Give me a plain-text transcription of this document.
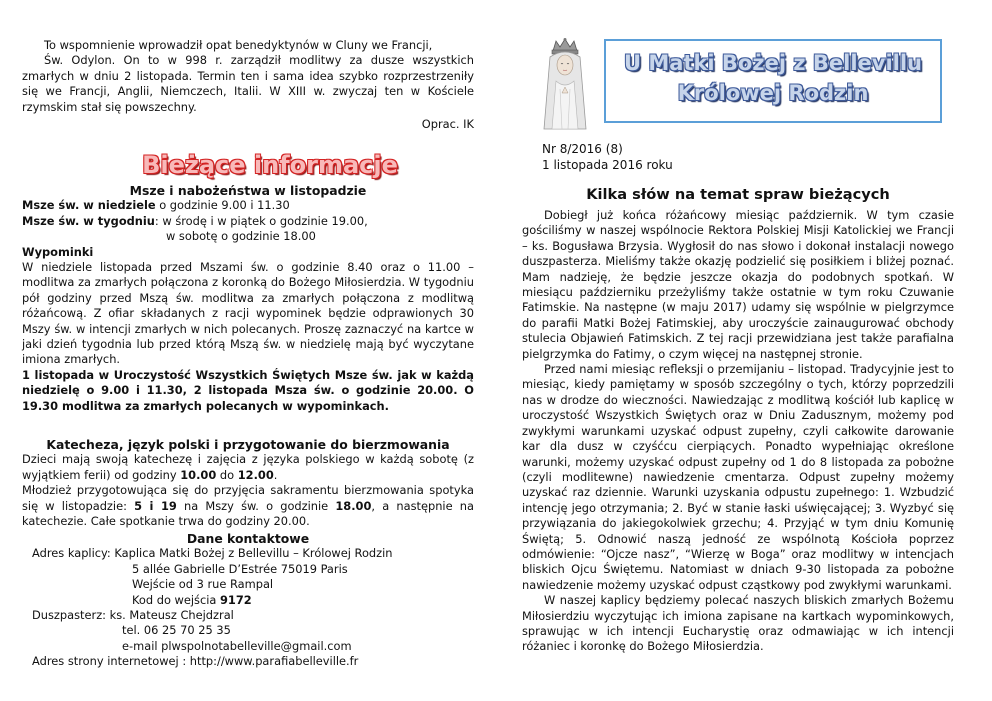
To wspomnienie wprowadził opat benedyktynów w Cluny we Francji,

Św. Odylon. On to w 998 r. zarządził modlitwy za dusze wszystkich zmarłych w dniu 2 listopada. Termin ten i sama idea szybko rozprzestrzeniły się we Francji, Anglii, Niemczech, Italii. W XIII w. zwyczaj ten w Kościele rzymskim stał się powszechny.

Oprac. IK

Bieżące informacje

Msze i nabożeństwa w listopadzie

Msze św. w niedziele o godzinie 9.00 i 11.30

Msze św. w tygodniu: w środę i w piątek o godzinie 19.00,

w sobotę o godzinie 18.00

Wypominki

W niedziele listopada przed Mszami św. o godzinie 8.40 oraz o 11.00 – modlitwa za zmarłych połączona z koronką do Bożego Miłosierdzia. W tygodniu pół godziny przed Mszą św. modlitwa za zmarłych połączona z modlitwą różańcową. Z ofiar składanych z racji wypominek będzie odprawionych 30 Mszy św. w intencji zmarłych w nich polecanych. Proszę zaznaczyć na kartce w jaki dzień tygodnia lub przed którą Mszą św. w niedzielę mają być wyczytane imiona zmarłych.

1 listopada w Uroczystość Wszystkich Świętych Msze św. jak w każdą niedzielę o 9.00 i 11.30, 2 listopada Msza św. o godzinie 20.00. O 19.30 modlitwa za zmarłych polecanych w wypominkach.

Katecheza, język polski i przygotowanie do bierzmowania

Dzieci mają swoją katechezę i zajęcia z języka polskiego w każdą sobotę (z wyjątkiem ferii) od godziny 10.00 do 12.00.

Młodzież przygotowująca się do przyjęcia sakramentu bierzmowania spotyka się w listopadzie: 5 i 19 na Mszy św. o godzinie 18.00, a następnie na katechezie. Całe spotkanie trwa do godziny 20.00.

Dane kontaktowe

Adres kaplicy: Kaplica Matki Bożej z Bellevillu – Królowej Rodzin

5 allée Gabrielle D’Estrée 75019 Paris

Wejście od 3 rue Rampal

Kod do wejścia 9172

Duszpasterz: ks. Mateusz Chejdzral

tel. 06 25 70 25 35

e-mail plwspolnotabelleville@gmail.com

Adres strony internetowej : http://www.parafiabelleville.fr

U Matki Bożej z Bellevillu
Królowej Rodzin

Nr 8/2016 (8)

1 listopada 2016 roku

Kilka słów na temat spraw bieżących

Dobiegł już końca różańcowy miesiąc październik. W tym czasie gościliśmy w naszej wspólnocie Rektora Polskiej Misji Katolickiej we Francji – ks. Bogusława Brzysia. Wygłosił do nas słowo i dokonał instalacji nowego duszpasterza. Mieliśmy także okazję podzielić się posiłkiem i bliżej poznać. Mam nadzieję, że będzie jeszcze okazja do podobnych spotkań. W miesiącu październiku przeżyliśmy także ostatnie w tym roku Czuwanie Fatimskie. Na następne (w maju 2017) udamy się wspólnie w pielgrzymce do parafii Matki Bożej Fatimskiej, aby uroczyście zainaugurować obchody stulecia Objawień Fatimskich. Z tej racji przewidziana jest także parafialna pielgrzymka do Fatimy, o czym więcej na następnej stronie.

Przed nami miesiąc refleksji o przemijaniu – listopad. Tradycyjnie jest to miesiąc, kiedy pamiętamy w sposób szczególny o tych, którzy poprzedzili nas w drodze do wieczności. Nawiedzając z modlitwą kościół lub kaplicę w uroczystość Wszystkich Świętych oraz w Dniu Zadusznym, możemy pod zwykłymi warunkami uzyskać odpust zupełny, czyli całkowite darowanie kar dla dusz w czyśćcu cierpiących. Ponadto wypełniając określone warunki, możemy uzyskać odpust zupełny od 1 do 8 listopada za pobożne (czyli modlitewne) nawiedzenie cmentarza. Odpust zupełny możemy uzyskać raz dziennie. Warunki uzyskania odpustu zupełnego: 1. Wzbudzić intencję jego otrzymania; 2. Być w stanie łaski uświęcającej; 3. Wyzbyć się przywiązania do jakiegokolwiek grzechu; 4. Przyjąć w tym dniu Komunię Świętą; 5. Odnowić naszą jedność ze wspólnotą Kościoła poprzez odmówienie: “Ojcze nasz”, “Wierzę w Boga” oraz modlitwy w intencjach bliskich Ojcu Świętemu. Natomiast w dniach 9-30 listopada za pobożne nawiedzenie możemy uzyskać odpust cząstkowy pod zwykłymi warunkami.

W naszej kaplicy będziemy polecać naszych bliskich zmarłych Bożemu Miłosierdziu wyczytując ich imiona zapisane na kartkach wypominkowych, sprawując w ich intencji Eucharystię oraz odmawiając w ich intencji różaniec i koronkę do Bożego Miłosierdzia.
